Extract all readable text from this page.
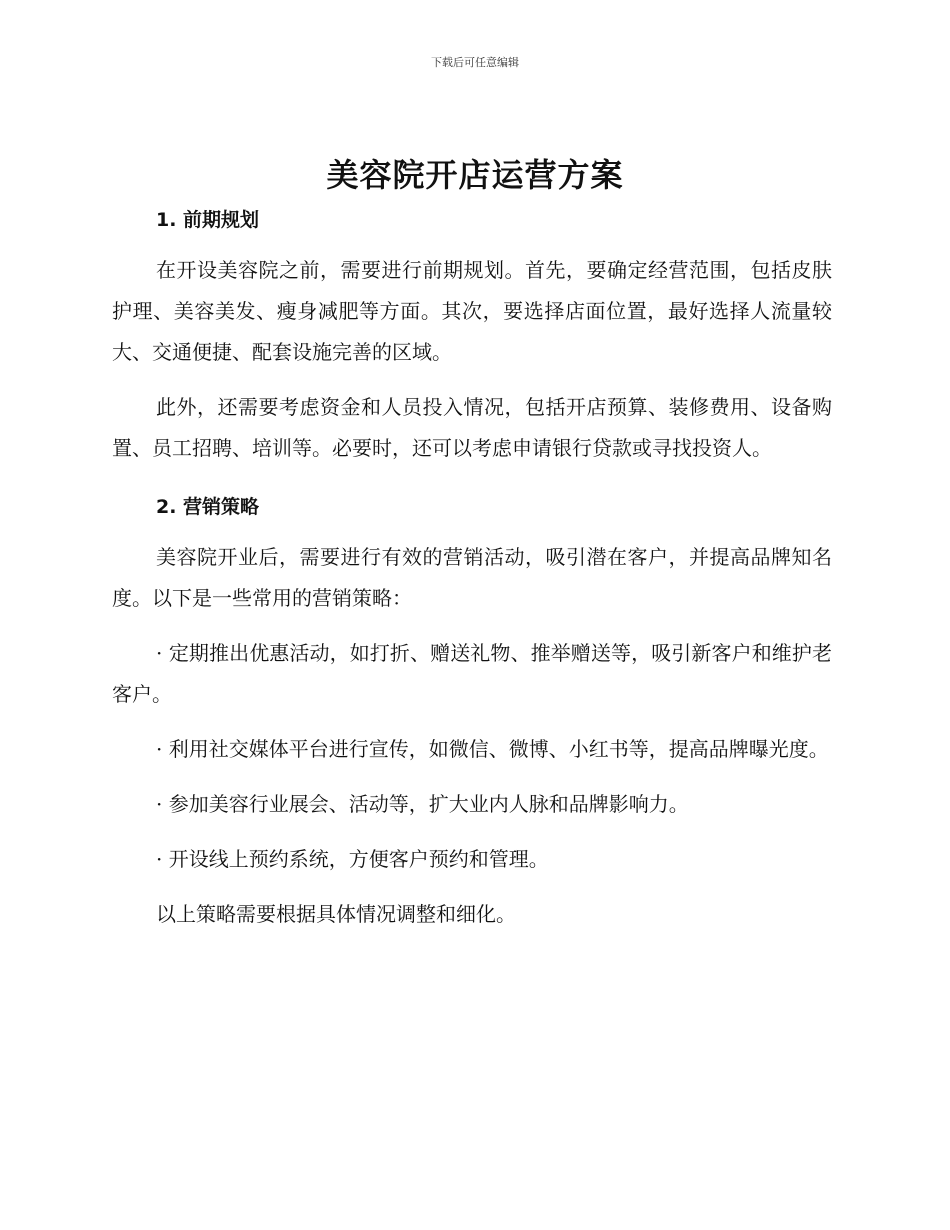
下载后可任意编辑
美容院开店运营方案
1. 前期规划

在开设美容院之前，需要进行前期规划。首先，要确定经营范围，包括皮肤护理、美容美发、瘦身减肥等方面。其次，要选择店面位置，最好选择人流量较大、交通便捷、配套设施完善的区域。

此外，还需要考虑资金和人员投入情况，包括开店预算、装修费用、设备购置、员工招聘、培训等。必要时，还可以考虑申请银行贷款或寻找投资人。

2. 营销策略

美容院开业后，需要进行有效的营销活动，吸引潜在客户，并提高品牌知名度。以下是一些常用的营销策略：

· 定期推出优惠活动，如打折、赠送礼物、推举赠送等，吸引新客户和维护老客户。

· 利用社交媒体平台进行宣传，如微信、微博、小红书等，提高品牌曝光度。

· 参加美容行业展会、活动等，扩大业内人脉和品牌影响力。

· 开设线上预约系统，方便客户预约和管理。

以上策略需要根据具体情况调整和细化。
